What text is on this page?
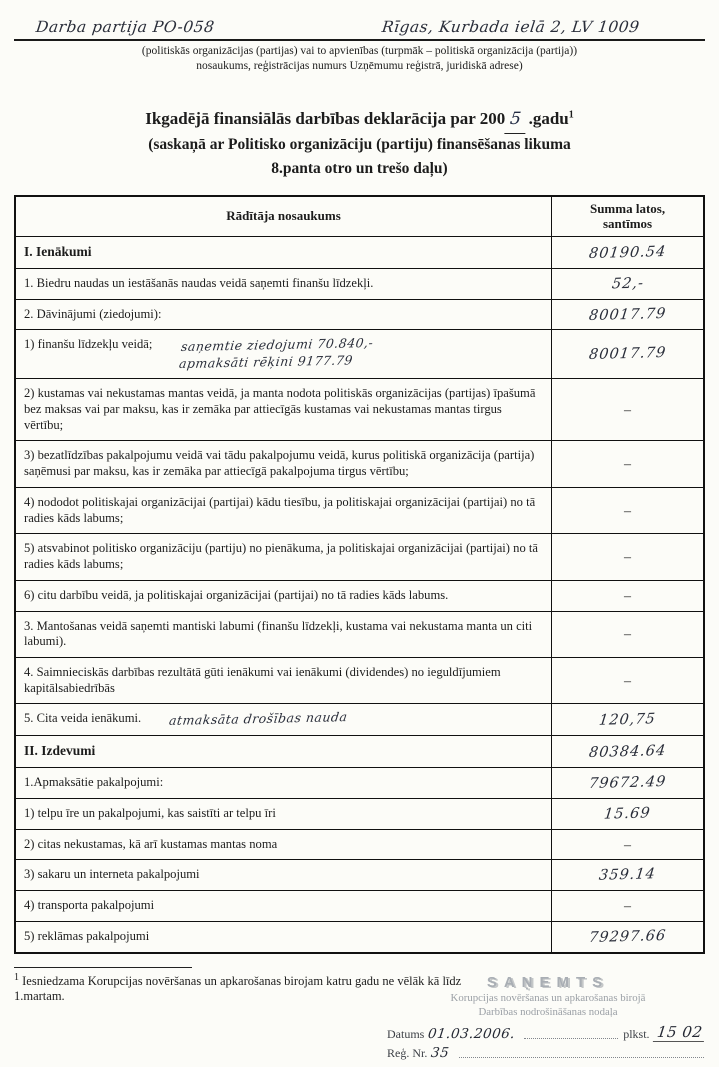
Darba partija PO-058	Rīgas, Kurbada ielā 2, LV 1009
(politiskās organizācijas (partijas) vai to apvienības (turpmāk – politiskā organizācija (partija))
nosaukums, reģistrācijas numurs Uzņēmumu reģistrā, juridiskā adrese)
Ikgadējā finansiālās darbības deklarācija par 200 5 .gadu$^1$
(saskaņā ar Politisko organizāciju (partiju) finansēšanas likuma
8.panta otro un trešo daļu)
Rādītāja nosaukums	Summa latos,
santīmos

I. Ienākumi	80190.54

1. Biedru naudas un iestāšanās naudas veidā saņemti finanšu līdzekļi.	52,-

2. Dāvinājumi (ziedojumi):	80017.79

1) finanšu līdzekļu veidā; saņemtie ziedojumi 70.840,-
apmaksāti rēķini 9177.79	80017.79

2) kustamas vai nekustamas mantas veidā, ja manta nodota politiskās organizācijas (partijas) īpašumā bez maksas vai par maksu, kas ir zemāka par attiecīgās kustamas vai nekustamas mantas tirgus vērtību;	–

3) bezatlīdzības pakalpojumu veidā vai tādu pakalpojumu veidā, kurus politiskā organizācija (partija) saņēmusi par maksu, kas ir zemāka par attiecīgā pakalpojuma tirgus vērtību;	–

4) nododot politiskajai organizācijai (partijai) kādu tiesību, ja politiskajai organizācijai (partijai) no tā radies kāds labums;	–

5) atsvabinot politisko organizāciju (partiju) no pienākuma, ja politiskajai organizācijai (partijai) no tā radies kāds labums;	–

6) citu darbību veidā, ja politiskajai organizācijai (partijai) no tā radies kāds labums.	–

3. Mantošanas veidā saņemti mantiski labumi (finanšu līdzekļi, kustama vai nekustama manta un citi labumi).	–

4. Saimnieciskās darbības rezultātā gūti ienākumi vai ienākumi (dividendes) no ieguldījumiem kapitālsabiedrībās	–

5. Cita veida ienākumi. atmaksāta drošības nauda	120,75

II. Izdevumi	80384.64

1.Apmaksātie pakalpojumi:	79672.49

1) telpu īre un pakalpojumi, kas saistīti ar telpu īri	15.69

2) citas nekustamas, kā arī kustamas mantas noma	–

3) sakaru un interneta pakalpojumi	359.14

4) transporta pakalpojumi	–

5) reklāmas pakalpojumi	79297.66
$^1$ Iesniedzama Korupcijas novēršanas un apkarošanas birojam katru gadu ne vēlāk kā līdz 1.martam.
SAŅEMTS
Korupcijas novēršanas un apkarošanas birojā
Darbības nodrošināšanas nodaļa
Datums 01.03.2006.	plkst. 15 02
Reģ. Nr. 35
